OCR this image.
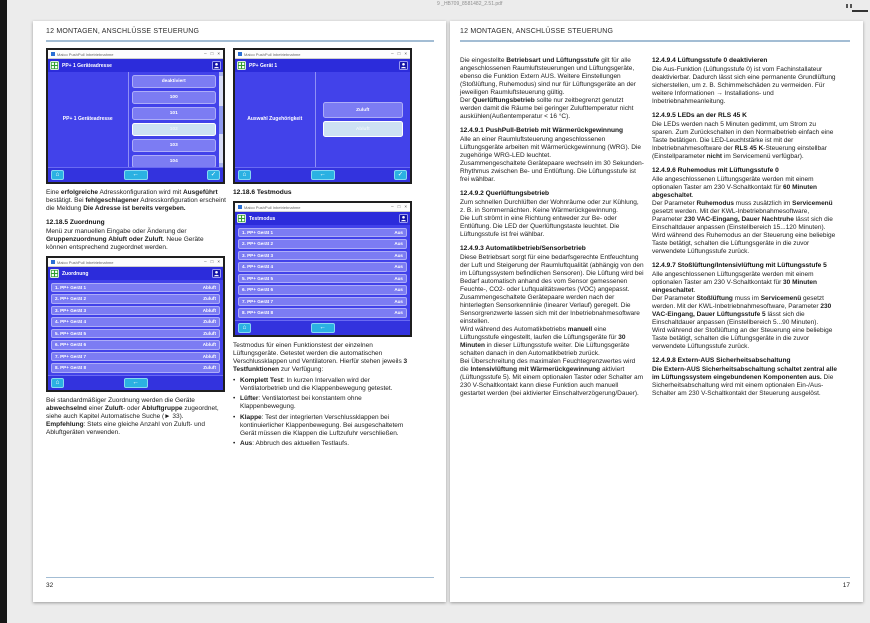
9 _HB709_8581482_2.51.pdf
12 MONTAGEN, ANSCHLÜSSE STEUERUNG
Maico PushPull Inbetriebnahme	– □ ×
PP+ 1 Geräteadresse
PP+ 1 Geräteadresse
deaktiviert
100
101
102
103
104
⌂	←	✓

Eine erfolgreiche Adresskonfiguration wird mit Ausgeführt bestätigt. Bei fehlgeschlagener Adresskonfiguration erscheint die Meldung Die Adresse ist bereits vergeben.

12.18.5 Zuordnung

Menü zur manuellen Eingabe oder Änderung der Gruppenzuordnung Abluft oder Zuluft. Neue Geräte können entsprechend zugeordnet werden.

Maico PushPull Inbetriebnahme	– □ ×
Zuordnung
1. PP+ Gerät 1	Abluft
2. PP+ Gerät 2	Zuluft
3. PP+ Gerät 3	Abluft
4. PP+ Gerät 4	Zuluft
5. PP+ Gerät 5	Zuluft
6. PP+ Gerät 6	Abluft
7. PP+ Gerät 7	Abluft
8. PP+ Gerät 8	Zuluft
⌂	←

Bei standardmäßiger Zuordnung werden die Geräte abwechselnd einer Zuluft- oder Abluftgruppe zugeordnet, siehe auch Kapitel Automatische Suche (► 33).

Empfehlung: Stets eine gleiche Anzahl von Zuluft- und Abluftgeräten verwenden.

Maico PushPull Inbetriebnahme	– □ ×
PP+ Gerät 1
Auswahl Zugehörigkeit
Zuluft
Abluft
⌂	←	✓
12.18.6 Testmodus
Maico PushPull Inbetriebnahme	– □ ×
Testmodus
1. PP+ Gerät 1	Aus
2. PP+ Gerät 2	Aus
3. PP+ Gerät 3	Aus
4. PP+ Gerät 4	Aus
5. PP+ Gerät 5	Aus
6. PP+ Gerät 6	Aus
7. PP+ Gerät 7	Aus
8. PP+ Gerät 8	Aus
⌂	←

Testmodus für einen Funktionstest der einzelnen Lüftungsgeräte. Getestet werden die automatischen Verschlussklappen und Ventilatoren. Hierfür stehen jeweils 3 Testfunktionen zur Verfügung:

• Komplett Test: In kurzen Intervallen wird der Ventilatorbetrieb und die Klappenbewegung getestet.
• Lüfter: Ventilatortest bei konstantem ohne Klappenbewegung.
• Klappe: Test der integrierten Verschlussklappen bei kontinuierlicher Klappenbewegung. Bei ausgeschaltetem Gerät müssen die Klappen die Luftzufuhr verschließen.
• Aus: Abbruch des aktuellen Testlaufs.
32
12 MONTAGEN, ANSCHLÜSSE STEUERUNG

Die eingestellte Betriebsart und Lüftungsstufe gilt für alle angeschlossenen Raumluftsteuerungen und Lüftungsgeräte, ebenso die Funktion Extern AUS. Weitere Einstellungen (Stoßlüftung, Ruhemodus) sind nur für Lüftungsgeräte an der jeweiligen Raumluftsteuerung gültig.

Der Querlüftungsbetrieb sollte nur zeitbegrenzt genutzt werden damit die Räume bei geringer Zulufttemperatur nicht auskühlen(Außentemperatur < 16 °C).

12.4.9.1 PushPull-Betrieb mit Wärmerückgewinnung

Alle an einer Raumluftsteuerung angeschlossenen Lüftungsgeräte arbeiten mit Wärmerückgewinnung (WRG). Die zugehörige WRG-LED leuchtet.

Zusammengeschaltete Gerätepaare wechseln im 30 Sekunden-Rhythmus zwischen Be- und Entlüftung. Die Lüftungsstufe ist frei wählbar.

12.4.9.2 Querlüftungsbetrieb

Zum schnellen Durchlüften der Wohnräume oder zur Kühlung, z. B. in Sommernächten. Keine Wärmerückgewinnung.

Die Luft strömt in eine Richtung entweder zur Be- oder Entlüftung. Die LED der Querlüftungstaste leuchtet. Die Lüftungsstufe ist frei wählbar.

12.4.9.3 Automatikbetrieb/Sensorbetrieb

Diese Betriebsart sorgt für eine bedarfsgerechte Entfeuchtung der Luft und Steigerung der Raumluftqualität (abhängig von den im Lüftungssystem befindlichen Sensoren). Die Lüftung wird bei Bedarf automatisch anhand des vom Sensor gemessenen Feuchte-, CO2- oder Luftqualitätswertes (VOC) angepasst.

Zusammengeschaltete Gerätepaare werden nach der hinterlegten Sensorkennlinie (linearer Verlauf) geregelt. Die Sensorgrenzwerte lassen sich mit der Inbetriebnahmesoftware einstellen.

Wird während des Automatikbetriebs manuell eine Lüftungsstufe eingestellt, laufen die Lüftungsgeräte für 30 Minuten in dieser Lüftungsstufe weiter. Die Lüftungsgeräte schalten danach in den Automatikbetrieb zurück.

Bei Überschreitung des maximalen Feuchtegrenzwertes wird die Intensivlüftung mit Wärmerückgewinnung aktiviert (Lüftungsstufe 5). Mit einem optionalen Taster oder Schalter am 230 V-Schaltkontakt kann diese Funktion auch manuell gestartet werden (bei aktivierter Einschaltverzögerung/Dauer).

12.4.9.4 Lüftungsstufe 0 deaktivieren

Die Aus-Funktion (Lüftungsstufe 0) ist vom Fachinstallateur deaktivierbar. Dadurch lässt sich eine permanente Grundlüftung sicherstellen, um z. B. Schimmelschäden zu vermeiden. Für weitere Informationen → Installations- und Inbetriebnahmeanleitung.

12.4.9.5 LEDs an der RLS 45 K

Die LEDs werden nach 5 Minuten gedimmt, um Strom zu sparen. Zum Zurückschalten in den Normalbetrieb einfach eine Taste betätigen. Die LED-Leuchtstärke ist mit der Inbetriebnahmesoftware der RLS 45 K-Steuerung einstellbar (Einstellparameter nicht im Servicemenü verfügbar).

12.4.9.6 Ruhemodus mit Lüftungsstufe 0

Alle angeschlossenen Lüftungsgeräte werden mit einem optionalen Taster am 230 V-Schaltkontakt für 60 Minuten abgeschaltet.

Der Parameter Ruhemodus muss zusätzlich im Servicemenü gesetzt werden. Mit der KWL-Inbetriebnahmesoftware, Parameter 230 VAC-Eingang, Dauer Nachtruhe lässt sich die Einschaltdauer anpassen (Einstellbereich 15...120 Minuten).

Wird während des Ruhemodus an der Steuerung eine beliebige Taste betätigt, schalten die Lüftungsgeräte in die zuvor verwendete Lüftungsstufe zurück.

12.4.9.7 Stoßlüftung/Intensivlüftung mit Lüftungsstufe 5

Alle angeschlossenen Lüftungsgeräte werden mit einem optionalen Taster am 230 V-Schaltkontakt für 30 Minuten eingeschaltet.

Der Parameter Stoßlüftung muss im Servicemenü gesetzt werden. Mit der KWL-Inbetriebnahmesoftware, Parameter 230 VAC-Eingang, Dauer Lüftungsstufe 5 lässt sich die Einschaltdauer anpassen (Einstellbereich 5...90 Minuten).

Wird während der Stoßlüftung an der Steuerung eine beliebige Taste betätigt, schalten die Lüftungsgeräte in die zuvor verwendete Lüftungsstufe zurück.

12.4.9.8 Extern-AUS Sicherheitsabschaltung

Die Extern-AUS Sicherheitsabschaltung schaltet zentral alle im Lüftungssystem eingebundenen Komponenten aus. Die Sicherheitsabschaltung wird mit einem optionalen Ein-/Aus-Schalter am 230 V-Schaltkontakt der Steuerung ausgelöst.

17
